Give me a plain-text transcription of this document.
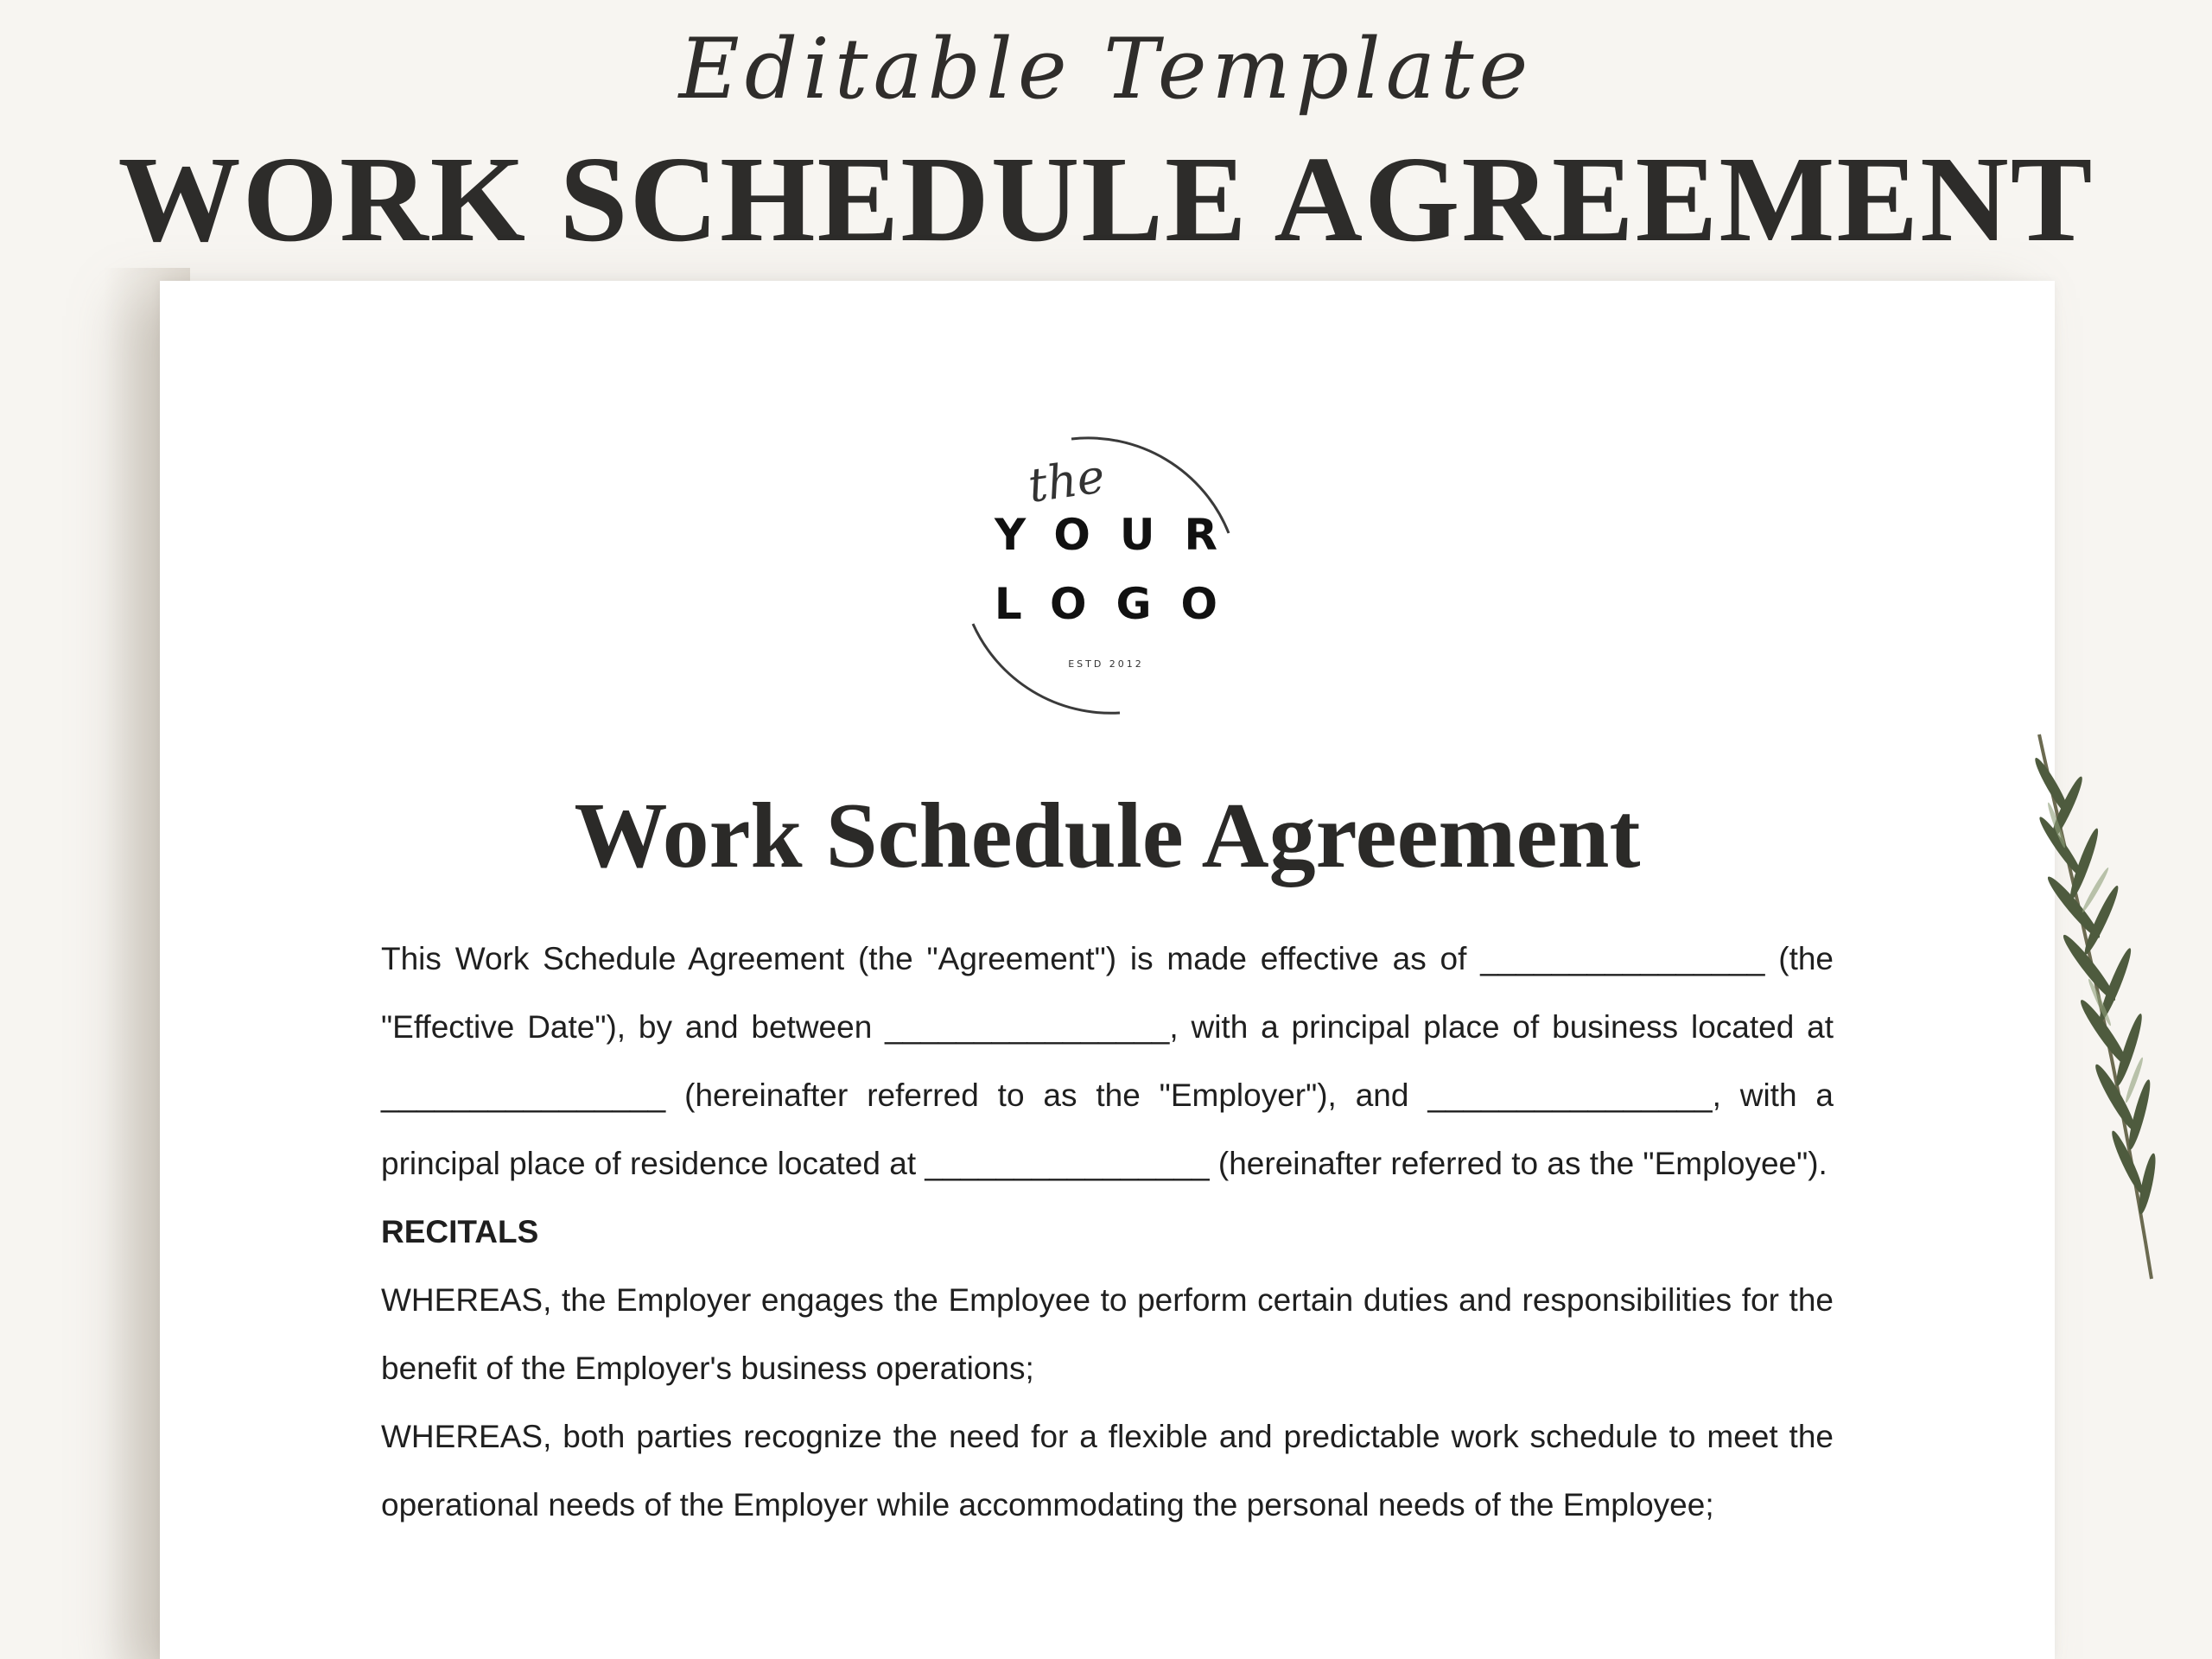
Editable Template
WORK SCHEDULE AGREEMENT
the
YOUR
LOGO
ESTD 2012
Work Schedule Agreement

This Work Schedule Agreement (the "Agreement") is made effective as of ________________ (the "Effective Date"), by and between ________________, with a principal place of business located at ________________ (hereinafter referred to as the "Employer"), and ________________, with a principal place of residence located at ________________ (hereinafter referred to as the "Employee").

RECITALS

WHEREAS, the Employer engages the Employee to perform certain duties and responsibilities for the benefit of the Employer's business operations;

WHEREAS, both parties recognize the need for a flexible and predictable work schedule to meet the operational needs of the Employer while accommodating the personal needs of the Employee;
